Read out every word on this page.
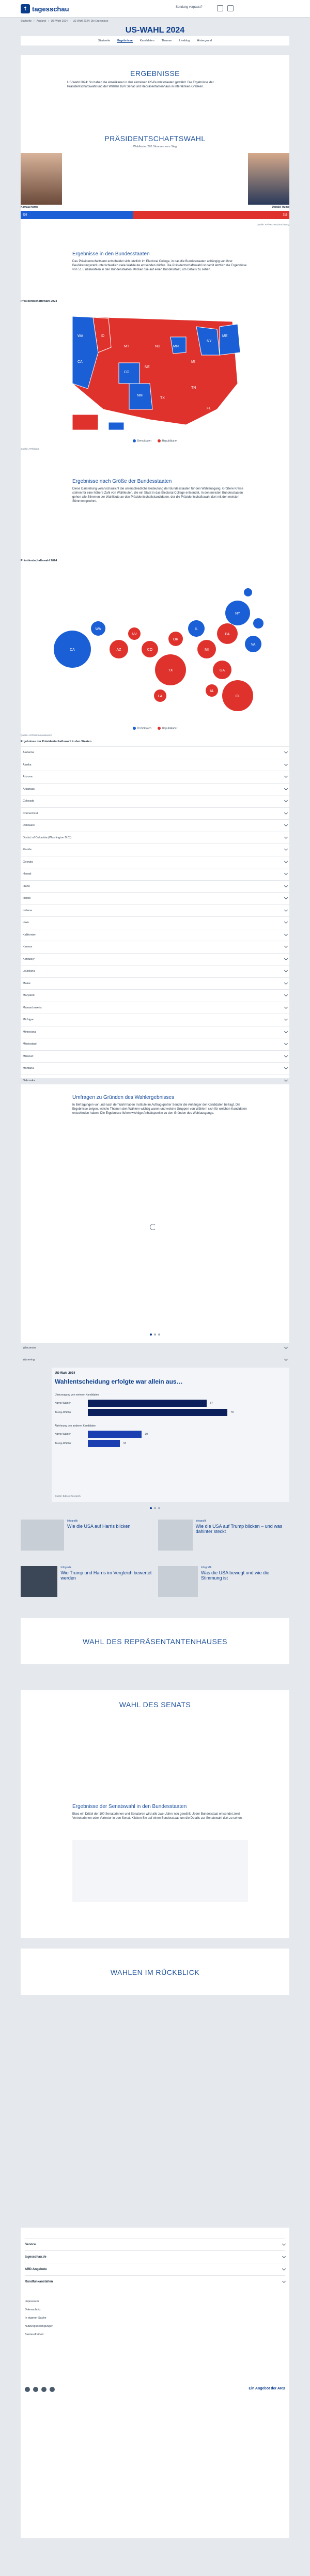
t tagesschau	Sendung verpasst?
Startseite › Ausland › US-Wahl 2024 › US-Wahl 2024: Die Ergebnisse
US-WAHL 2024
Startseite	Ergebnisse	Kandidaten	Themen	Liveblog	Hintergrund
ERGEBNISSE
US-Wahl 2024: So haben die Amerikaner in den einzelnen US-Bundesstaaten gewählt. Die Ergebnisse der Präsidentschaftswahl und der Wahlen zum Senat und Repräsentantenhaus in interaktiven Grafiken.
PRÄSIDENTSCHAFTSWAHL
Wahlleute, 270 Stimmen zum Sieg
Kamala Harris	Donald Trump
226	312
Quelle: AP/ARD-Hochrechnung
Ergebnisse in den Bundesstaaten
Das Präsidentschaftsamt entscheidet sich letztlich im Electoral College, in das die Bundesstaaten abhängig von ihrer Bevölkerungszahl unterschiedlich viele Wahlleute entsenden dürfen. Die Präsidentschaftswahl ist damit letztlich die Ergebnisse von 51 Einzelwahlen in den Bundesstaaten. Klicken Sie auf einen Bundesstaat, um Details zu sehen.
Präsidentschaftswahl 2024
WA
CA
ID
MT	ND
NE
CO
NM
TX
MN
MI
NY
TN
FL
ME
Demokraten	Republikaner
Quelle: AP/Edison
Ergebnisse nach Größe der Bundesstaaten
Diese Darstellung veranschaulicht die unterschiedliche Bedeutung der Bundesstaaten für den Wahlausgang. Größere Kreise stehen für eine höhere Zahl von Wahlleuten, die ein Staat in das Electoral College entsendet. In den meisten Bundesstaaten gehen alle Stimmen der Wahlleute an den Präsidentschaftskandidaten, der die Präsidentschaftswahl dort mit den meisten Stimmen gewinnt.
Präsidentschaftswahl 2024
CA
WA
AZ
NV
CO
TX
OK
IL
MI
GA
PA
NY
FL
AL
VA
LA
Demokraten	Republikaner
Quelle: AP/Edison/Landesamt
Ergebnisse der Präsidentschaftswahl in den Staaten
Alabama
Alaska
Arizona
Arkansas
Colorado
Connecticut
Delaware
District of Columbia (Washington D.C.)
Florida
Georgia
Hawaii
Idaho
Illinois
Indiana
Iowa
Kalifornien
Kansas
Kentucky
Louisiana
Maine
Maryland
Massachusetts
Michigan
Minnesota
Mississippi
Missouri
Montana
Nebraska
Wisconsin
Wyoming
Umfragen zu Gründen des Wahlergebnisses
In Befragungen vor und nach der Wahl haben Institute im Auftrag großer Sender die Anhänger der Kandidaten befragt. Die Ergebnisse zeigen, welche Themen den Wählern wichtig waren und welche Gruppen von Wählern sich für welchen Kandidaten entschieden haben. Die Ergebnisse liefern wichtige Anhaltspunkte zu den Gründen des Wahlausgangs.
US-Wahl 2024
Wahlentscheidung erfolgte war allein aus…
Überzeugung von meinem Kandidaten
Harris-Wähler	67
Trump-Wähler	78
Ablehnung des anderen Kandidaten
Harris-Wähler	30
Trump-Wähler	18
Quelle: Edison Research
Infografik
Wie die USA auf Harris blicken
Infografik
Wie die USA auf Trump blicken – und was dahinter steckt
Infografik
Wie Trump und Harris im Vergleich bewertet werden
Infografik
Was die USA bewegt und wie die Stimmung ist
WAHL DES REPRÄSENTANTENHAUSES
WAHL DES SENATS
Ergebnisse der Senatswahl in den Bundesstaaten
Etwa ein Drittel der 100 Senatorinnen und Senatoren wird alle zwei Jahre neu gewählt. Jeder Bundesstaat entsendet zwei Vertreterinnen oder Vertreter in den Senat. Klicken Sie auf einen Bundesstaat, um die Details zur Senatswahl dort zu sehen.
WAHLEN IM RÜCKBLICK
Service
tagesschau.de
ARD-Angebote
Rundfunkanstalten
Impressum
Datenschutz
In eigener Sache
Nutzungsbedingungen
Barrierefreiheit
Ein Angebot der ARD
